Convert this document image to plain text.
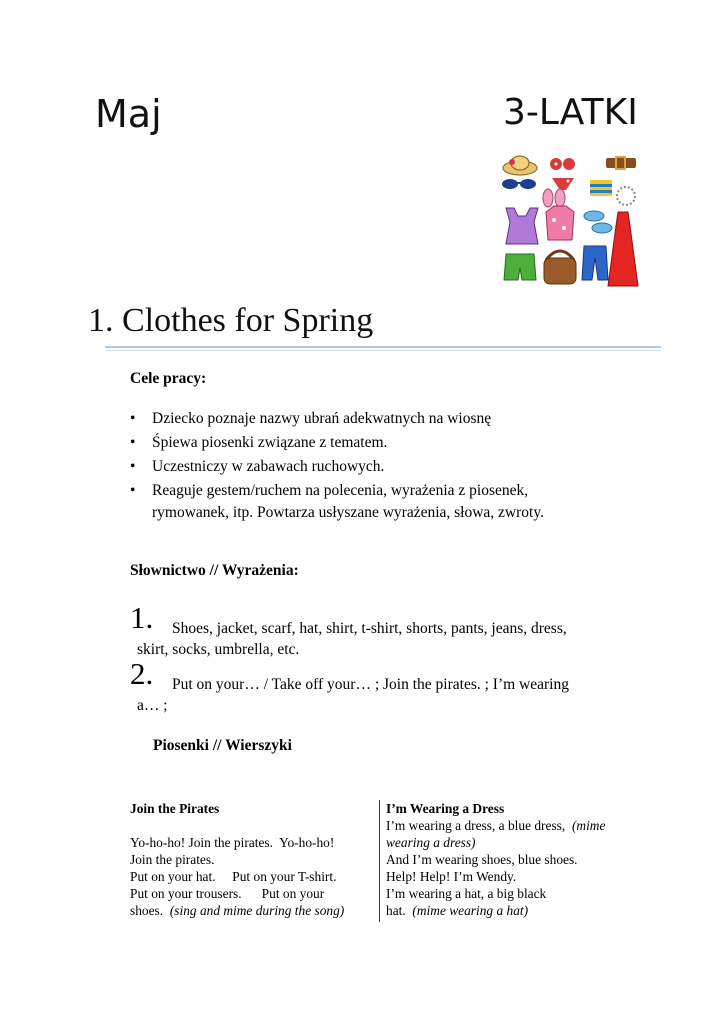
Maj	3-LATKI
1. Clothes for Spring
Cele pracy:
• Dziecko poznaje nazwy ubrań adekwatnych na wiosnę
• Śpiewa piosenki związane z tematem.
• Uczestniczy w zabawach ruchowych.
• Reaguje gestem/ruchem na polecenia, wyrażenia z piosenek,
rymowanek, itp. Powtarza usłyszane wyrażenia, słowa, zwroty.
Słownictwo // Wyrażenia:
1.	Shoes, jacket, scarf, hat, shirt, t-shirt, shorts, pants, jeans, dress,
skirt, socks, umbrella, etc.
2.	Put on your… / Take off your… ; Join the pirates. ; I’m wearing
a… ;
Piosenki // Wierszyki
Join the Pirates
Yo-ho-ho! Join the pirates.  Yo-ho-ho!
Join the pirates.
Put on your hat.     Put on your T-shirt.
Put on your trousers.      Put on your
shoes. (sing and mime during the song)
I’m Wearing a Dress
I’m wearing a dress, a blue dress, (mime
wearing a dress)
And I’m wearing shoes, blue shoes.
Help! Help! I’m Wendy.
I’m wearing a hat, a big black
hat. (mime wearing a hat)
